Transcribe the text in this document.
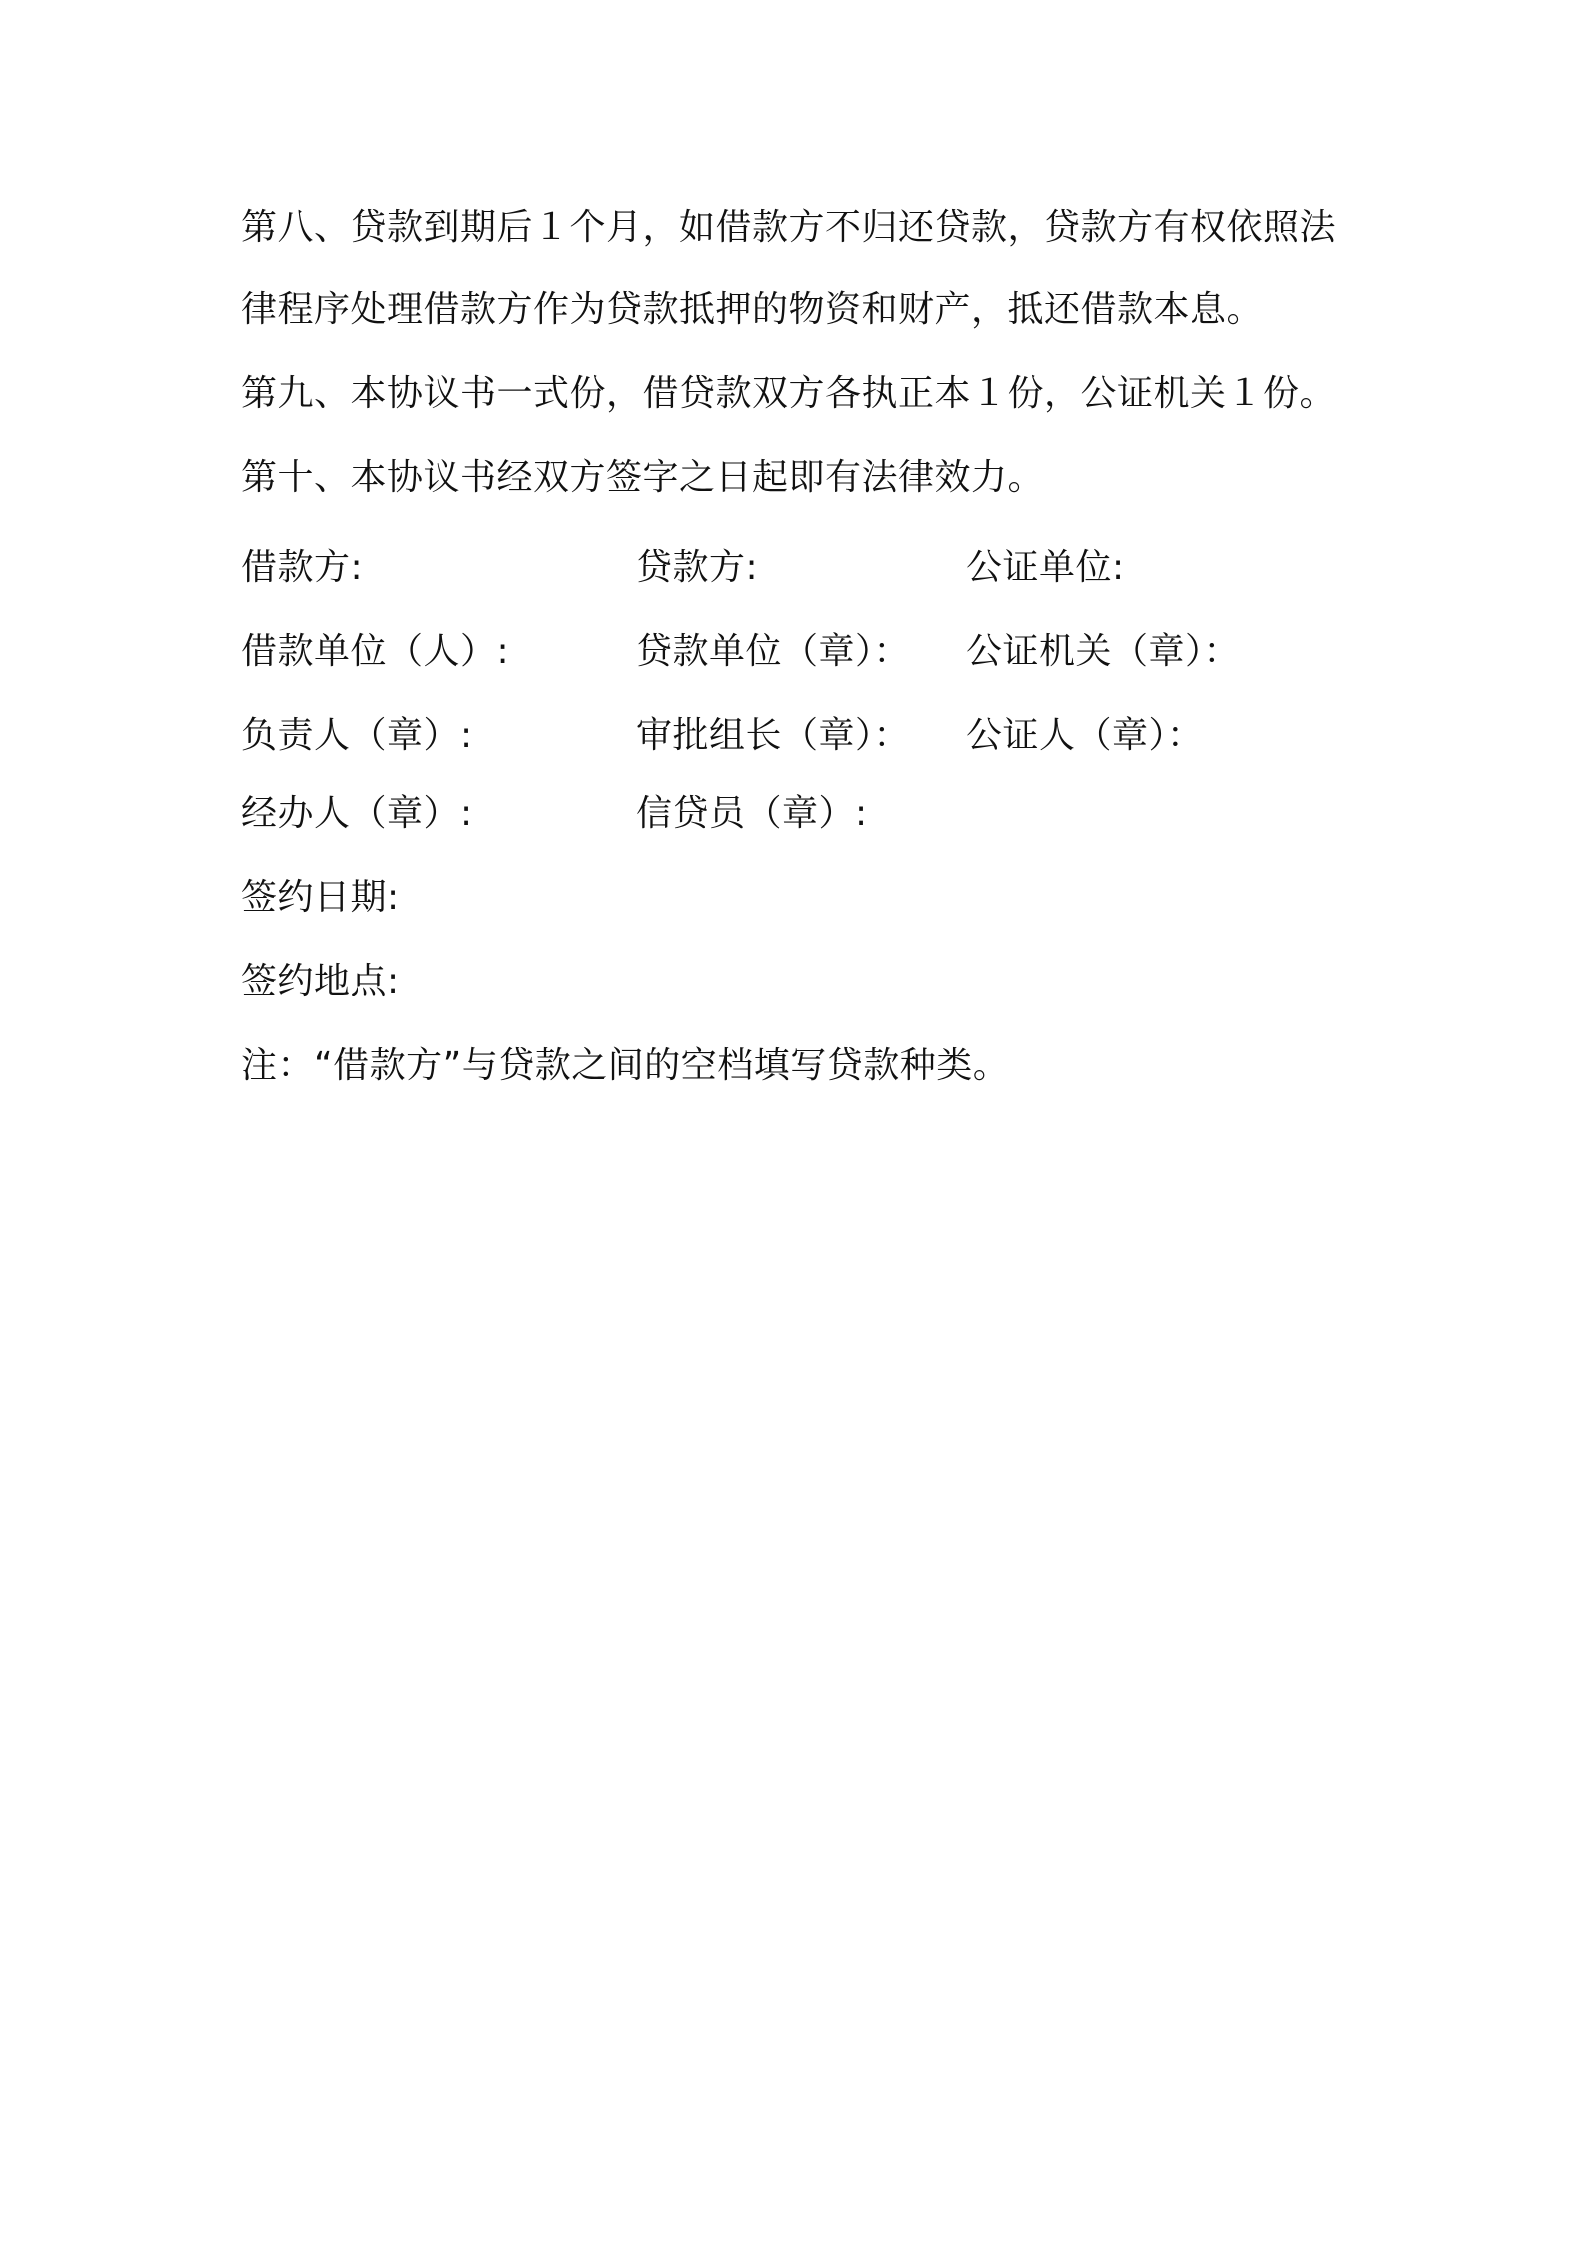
第八、贷款到期后１个月，如借款方不归还贷款，贷款方有权依照法
律程序处理借款方作为贷款抵押的物资和财产，抵还借款本息。
第九、本协议书一式份，借贷款双方各执正本１份，公证机关１份。
第十、本协议书经双方签字之日起即有法律效力。
借款方:	贷款方:	公证单位:
借款单位（人）:	贷款单位（章）： 公证机关（章）：
负责人（章）:	审批组长（章）： 公证人（章）：
经办人（章）:	信贷员（章）:
签约日期:
签约地点:
注：“借款方”与贷款之间的空档填写贷款种类。
